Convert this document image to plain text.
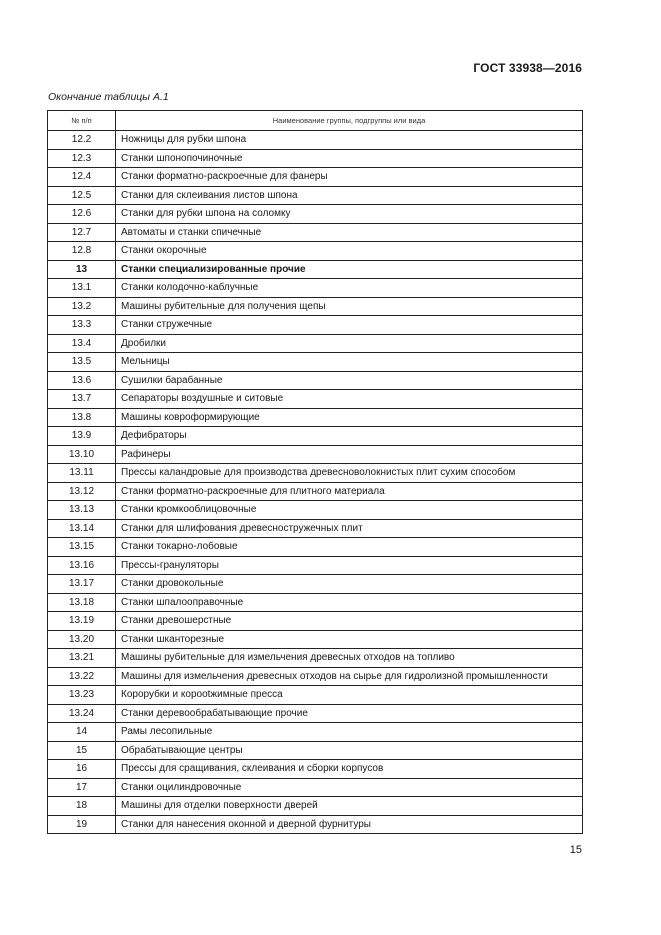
ГОСТ 33938—2016
Окончание таблицы А.1
№ п/п	Наименование группы, подгруппы или вида
12.2	Ножницы для рубки шпона
12.3	Станки шпонопочиночные
12.4	Станки форматно-раскроечные для фанеры
12.5	Станки для склеивания листов шпона
12.6	Станки для рубки шпона на соломку
12.7	Автоматы и станки спичечные
12.8	Станки окорочные
13	Станки специализированные прочие
13.1	Станки колодочно-каблучные
13.2	Машины рубительные для получения щепы
13.3	Станки стружечные
13.4	Дробилки
13.5	Мельницы
13.6	Сушилки барабанные
13.7	Сепараторы воздушные и ситовые
13.8	Машины коврoформирующие
13.9	Дефибраторы
13.10	Рафинеры
13.11	Прессы каландровые для производства древесноволокнистых плит сухим способом
13.12	Станки форматно-раскроечные для плитного материала
13.13	Станки кромкооблицовочные
13.14	Станки для шлифования древесностружечных плит
13.15	Станки токарно-лобовые
13.16	Прессы-грануляторы
13.17	Станки дровокольные
13.18	Станки шпалоoправочные
13.19	Станки древошерстные
13.20	Станки шканторезные
13.21	Машины рубительные для измельчения древесных отходов на топливо
13.22	Машины для измельчения древесных отходов на сырье для гидролизной промышленности
13.23	Корорубки и корootжимные пресса
13.24	Станки деревообрабатывающие прочие
14	Рамы лесопильные
15	Обрабатывающие центры
16	Прессы для сращивания, склеивания и сборки корпусов
17	Станки оцилиндровочные
18	Машины для отделки поверхности дверей
19	Станки для нанесения оконной и дверной фурнитуры
15
